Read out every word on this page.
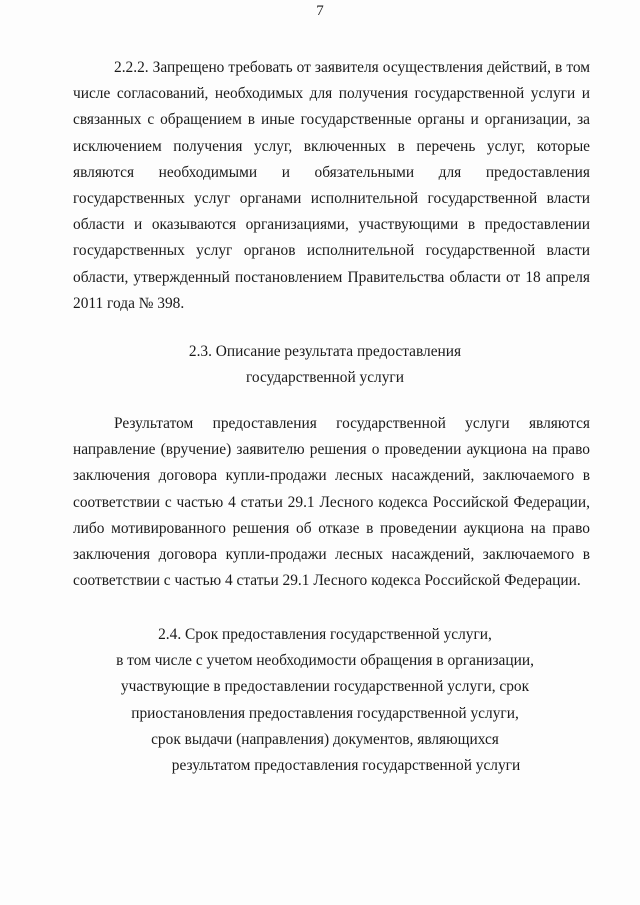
7

2.2.2. Запрещено требовать от заявителя осуществления действий, в том числе согласований, необходимых для получения государственной услуги и связанных с обращением в иные государственные органы и организации, за исключением получения услуг, включенных в перечень услуг, которые являются необходимыми и обязательными для предоставления государственных услуг органами исполнительной государственной власти области и оказываются организациями, участвующими в предоставлении государственных услуг органов исполнительной государственной власти области, утвержденный постановлением Правительства области от 18 апреля 2011 года № 398.

2.3. Описание результата предоставления
государственной услуги

Результатом предоставления государственной услуги являются направление (вручение) заявителю решения о проведении аукциона на право заключения договора купли-продажи лесных насаждений, заключаемого в соответствии с частью 4 статьи 29.1 Лесного кодекса Российской Федерации, либо мотивированного решения об отказе в проведении аукциона на право заключения договора купли-продажи лесных насаждений, заключаемого в соответствии с частью 4 статьи 29.1 Лесного кодекса Российской Федерации.

2.4. Срок предоставления государственной услуги,
в том числе с учетом необходимости обращения в организации,
участвующие в предоставлении государственной услуги, срок
приостановления предоставления государственной услуги,
срок выдачи (направления) документов, являющихся
результатом предоставления государственной услуги
